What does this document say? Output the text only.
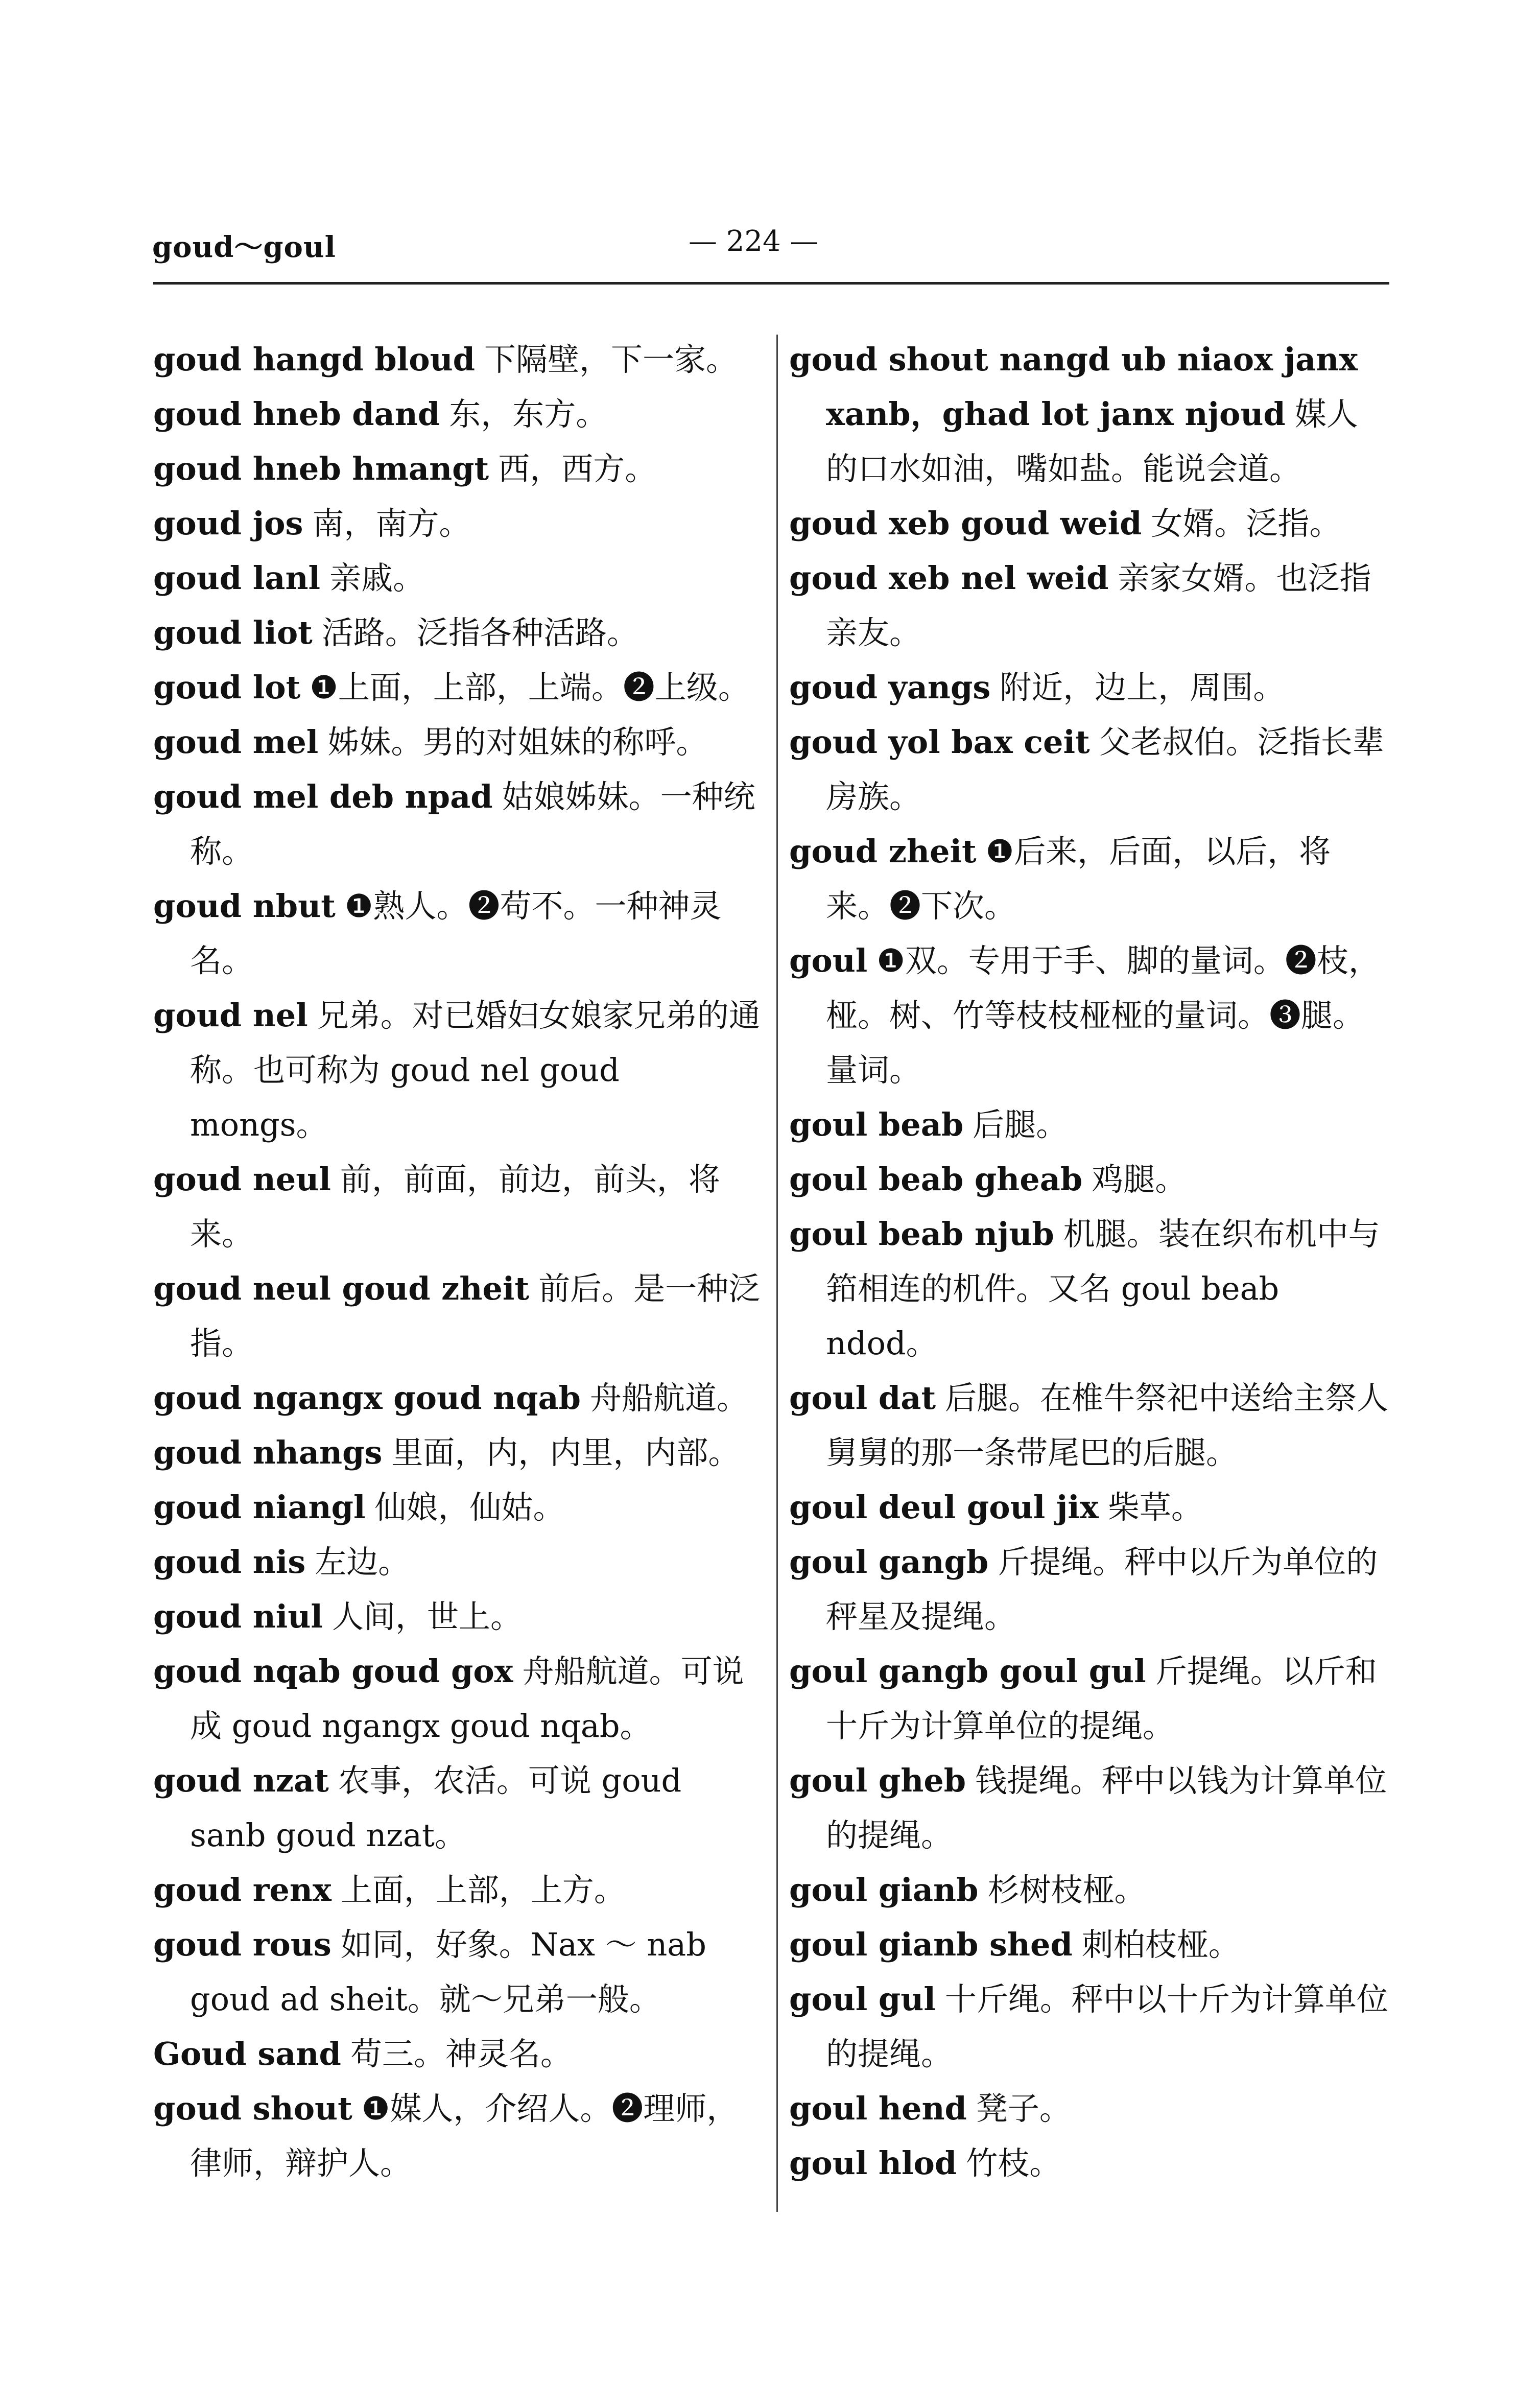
goud～goul	— 224 —

goud hangd bloud 下隔壁，下一家。

goud hneb dand 东，东方。

goud hneb hmangt 西，西方。

goud jos 南，南方。

goud lanl 亲戚。

goud liot 活路。泛指各种活路。

goud lot ❶上面，上部，上端。❷上级。

goud mel 姊妹。男的对姐妹的称呼。

goud mel deb npad 姑娘姊妹。一种统称。

goud nbut ❶熟人。❷苟不。一种神灵名。

goud nel 兄弟。对已婚妇女娘家兄弟的通称。也可称为 goud nel goud mongs。

goud neul 前，前面，前边，前头，将来。

goud neul goud zheit 前后。是一种泛指。

goud ngangx goud nqab 舟船航道。

goud nhangs 里面，内，内里，内部。

goud niangl 仙娘，仙姑。

goud nis 左边。

goud niul 人间，世上。

goud nqab goud gox 舟船航道。可说成 goud ngangx goud nqab。

goud nzat 农事，农活。可说 goud sanb goud nzat。

goud renx 上面，上部，上方。

goud rous 如同，好象。Nax ～ nab goud ad sheit。就～兄弟一般。

Goud sand 苟三。神灵名。

goud shout ❶媒人，介绍人。❷理师，律师，辩护人。

goud shout nangd ub niaox janx xanb，ghad lot janx njoud 媒人的口水如油，嘴如盐。能说会道。

goud xeb goud weid 女婿。泛指。

goud xeb nel weid 亲家女婿。也泛指亲友。

goud yangs 附近，边上，周围。

goud yol bax ceit 父老叔伯。泛指长辈房族。

goud zheit ❶后来，后面，以后，将来。❷下次。

goul ❶双。专用于手、脚的量词。❷枝，桠。树、竹等枝枝桠桠的量词。❸腿。量词。

goul beab 后腿。

goul beab gheab 鸡腿。

goul beab njub 机腿。装在织布机中与筘相连的机件。又名 goul beab ndod。

goul dat 后腿。在椎牛祭祀中送给主祭人舅舅的那一条带尾巴的后腿。

goul deul goul jix 柴草。

goul gangb 斤提绳。秤中以斤为单位的秤星及提绳。

goul gangb goul gul 斤提绳。以斤和十斤为计算单位的提绳。

goul gheb 钱提绳。秤中以钱为计算单位的提绳。

goul gianb 杉树枝桠。

goul gianb shed 刺柏枝桠。

goul gul 十斤绳。秤中以十斤为计算单位的提绳。

goul hend 凳子。

goul hlod 竹枝。
